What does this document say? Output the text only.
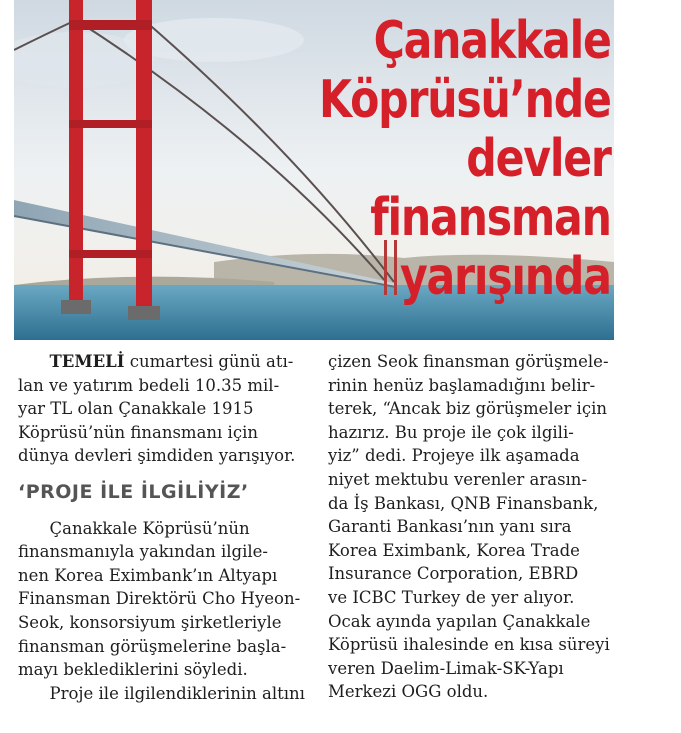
Çanakkale
Köprüsü’nde
devler
finansman
yarışında

TEMELİ cumartesi günü atı-
lan ve yatırım bedeli 10.35 mil-
yar TL olan Çanakkale 1915
Köprüsü’nün finansmanı için
dünya devleri şimdiden yarışıyor.

‘PROJE İLE İLGİLİYİZ’

Çanakkale Köprüsü’nün
finansmanıyla yakından ilgile-
nen Korea Eximbank’ın Altyapı
Finansman Direktörü Cho Hyeon-
Seok, konsorsiyum şirketleriyle
finansman görüşmelerine başla-
mayı beklediklerini söyledi.
Proje ile ilgilendiklerinin altını

çizen Seok finansman görüşmele-
rinin henüz başlamadığını belir-
terek, “Ancak biz görüşmeler için
hazırız. Bu proje ile çok ilgili-
yiz” dedi. Projeye ilk aşamada
niyet mektubu verenler arasın-
da İş Bankası, QNB Finansbank,
Garanti Bankası’nın yanı sıra
Korea Eximbank, Korea Trade
Insurance Corporation, EBRD
ve ICBC Turkey de yer alıyor.
Ocak ayında yapılan Çanakkale
Köprüsü ihalesinde en kısa süreyi
veren Daelim-Limak-SK-Yapı
Merkezi OGG oldu.
